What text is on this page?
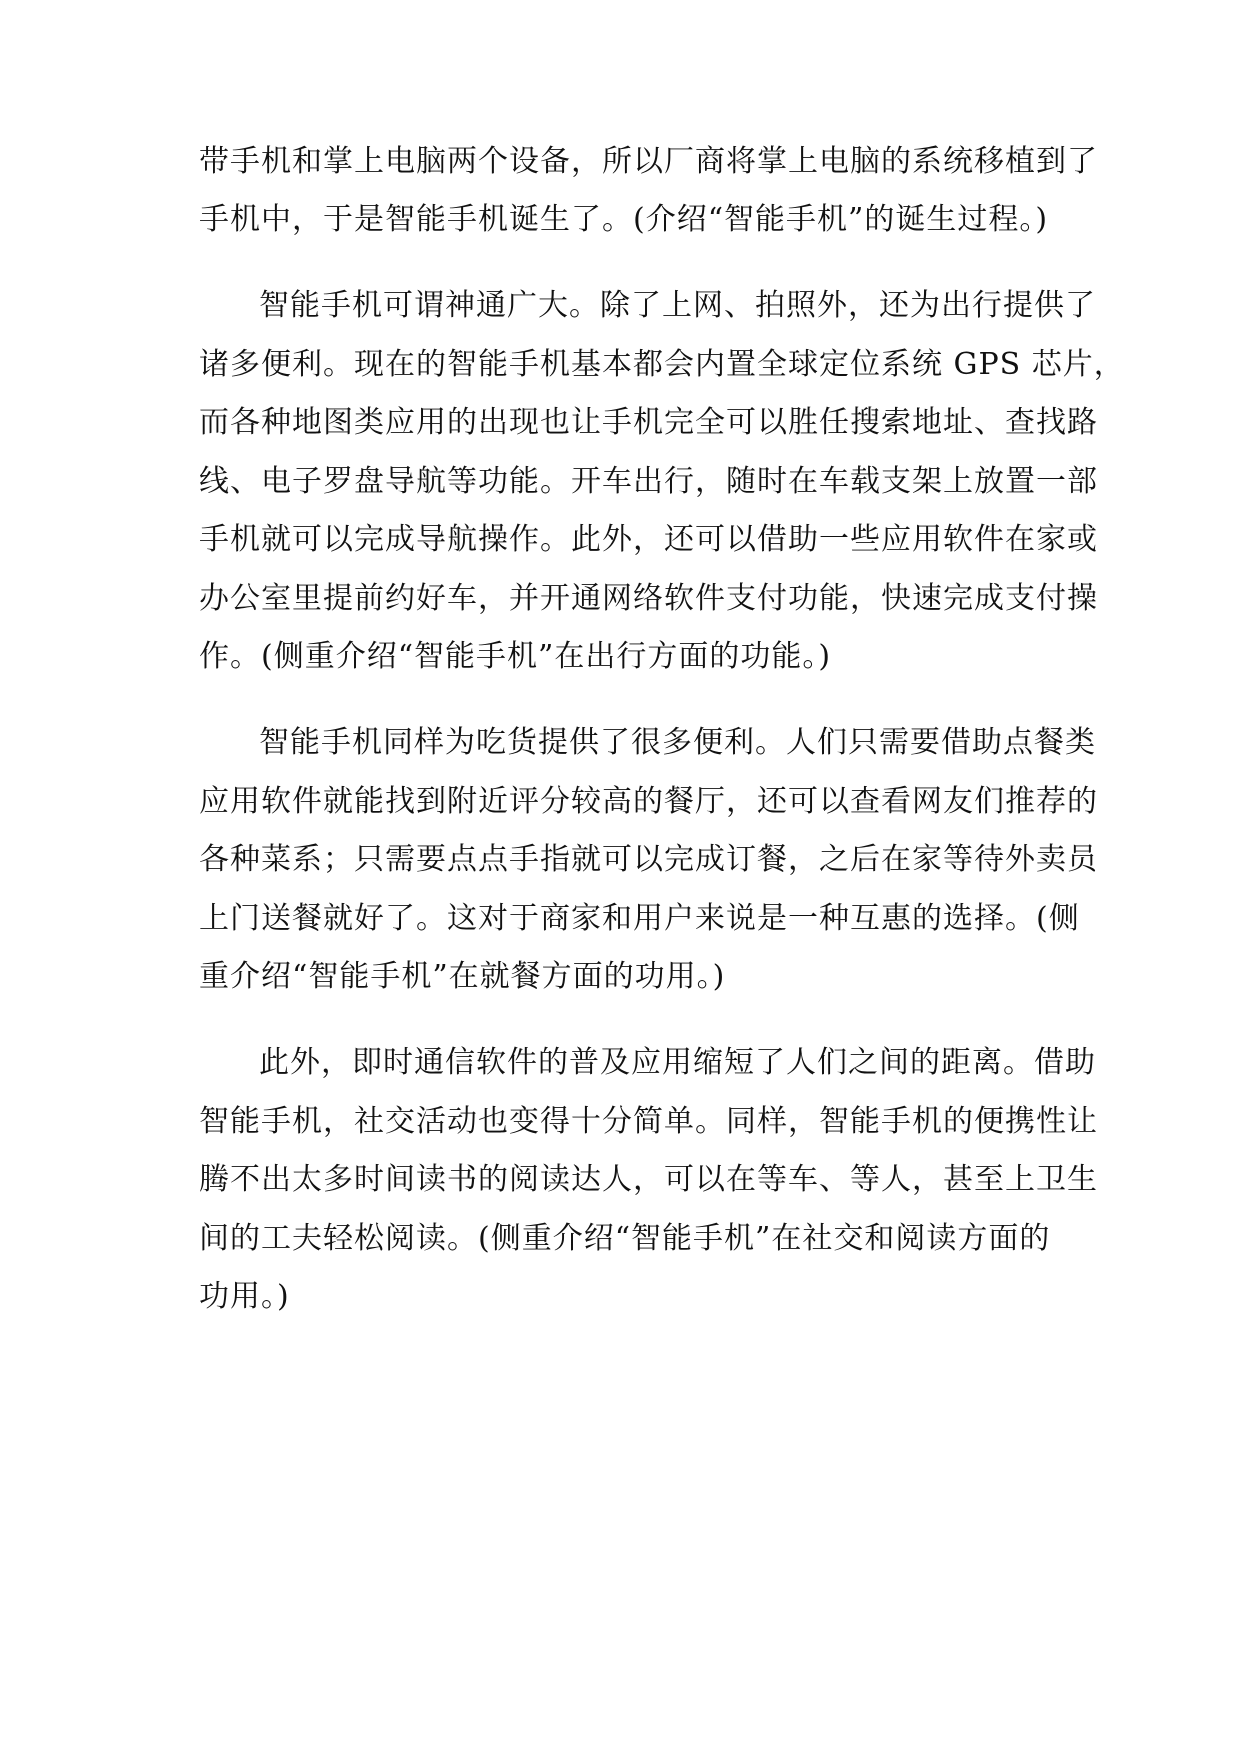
带手机和掌上电脑两个设备，所以厂商将掌上电脑的系统移植到了
手机中，于是智能手机诞生了。(介绍“智能手机”的诞生过程。)
智能手机可谓神通广大。除了上网、拍照外，还为出行提供了
诸多便利。现在的智能手机基本都会内置全球定位系统 GPS 芯片，
而各种地图类应用的出现也让手机完全可以胜任搜索地址、查找路
线、电子罗盘导航等功能。开车出行，随时在车载支架上放置一部
手机就可以完成导航操作。此外，还可以借助一些应用软件在家或
办公室里提前约好车，并开通网络软件支付功能，快速完成支付操
作。(侧重介绍“智能手机”在出行方面的功能。)
智能手机同样为吃货提供了很多便利。人们只需要借助点餐类
应用软件就能找到附近评分较高的餐厅，还可以查看网友们推荐的
各种菜系；只需要点点手指就可以完成订餐，之后在家等待外卖员
上门送餐就好了。这对于商家和用户来说是一种互惠的选择。(侧
重介绍“智能手机”在就餐方面的功用。)
此外，即时通信软件的普及应用缩短了人们之间的距离。借助
智能手机，社交活动也变得十分简单。同样，智能手机的便携性让
腾不出太多时间读书的阅读达人，可以在等车、等人，甚至上卫生
间的工夫轻松阅读。(侧重介绍“智能手机”在社交和阅读方面的
功用。)
